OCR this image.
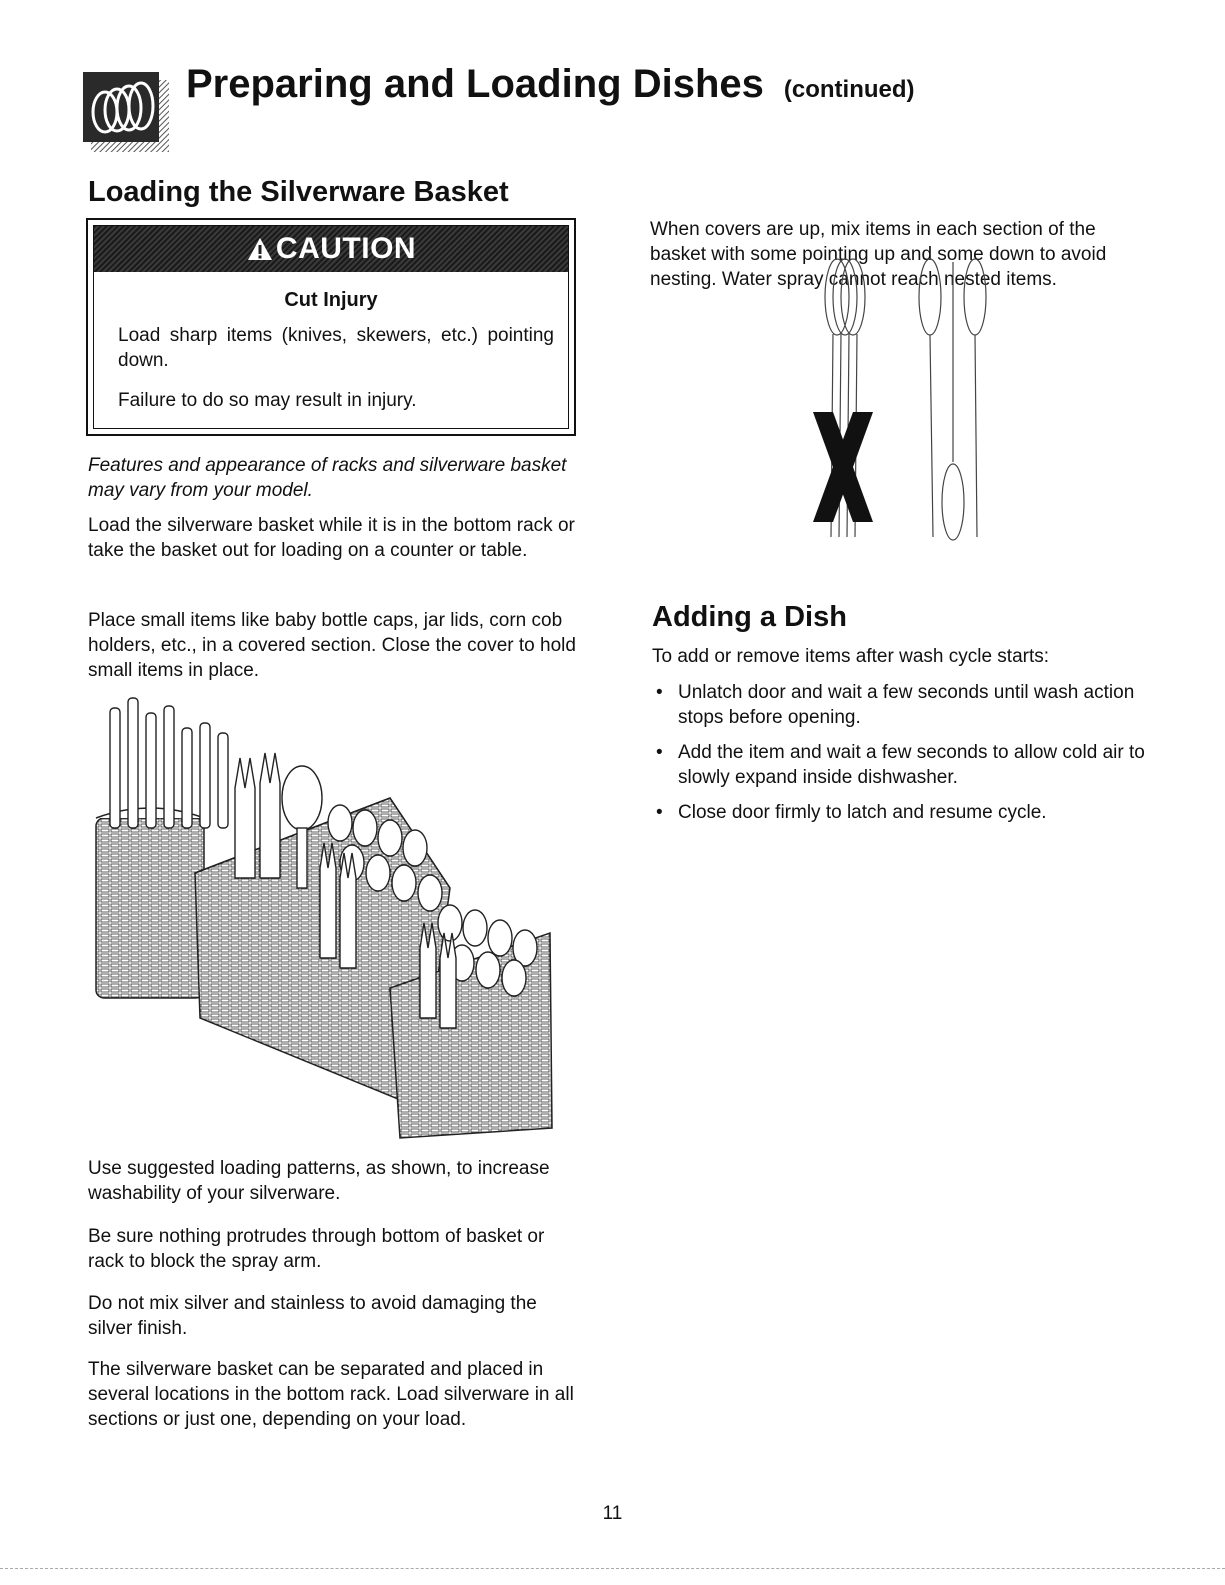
Preparing and Loading Dishes (continued)
Loading the Silverware Basket
CAUTION
Cut Injury
Load sharp items (knives, skewers, etc.) pointing down.
Failure to do so may result in injury.

Features and appearance of racks and silverware basket may vary from your model.

Load the silverware basket while it is in the bottom rack or take the basket out for loading on a counter or table.

Place small items like baby bottle caps, jar lids, corn cob holders, etc., in a covered section. Close the cover to hold small items in place.

Use suggested loading patterns, as shown, to increase washability of your silverware.

Be sure nothing protrudes through bottom of basket or rack to block the spray arm.

Do not mix silver and stainless to avoid damaging the silver finish.

The silverware basket can be separated and placed in several locations in the bottom rack. Load silverware in all sections or just one, depending on your load.

When covers are up, mix items in each section of the basket with some pointing up and some down to avoid nesting. Water spray cannot reach nested items.

Adding a Dish

To add or remove items after wash cycle starts:

• Unlatch door and wait a few seconds until wash action stops before opening.
• Add the item and wait a few seconds to allow cold air to slowly expand inside dishwasher.
• Close door firmly to latch and resume cycle.
11
